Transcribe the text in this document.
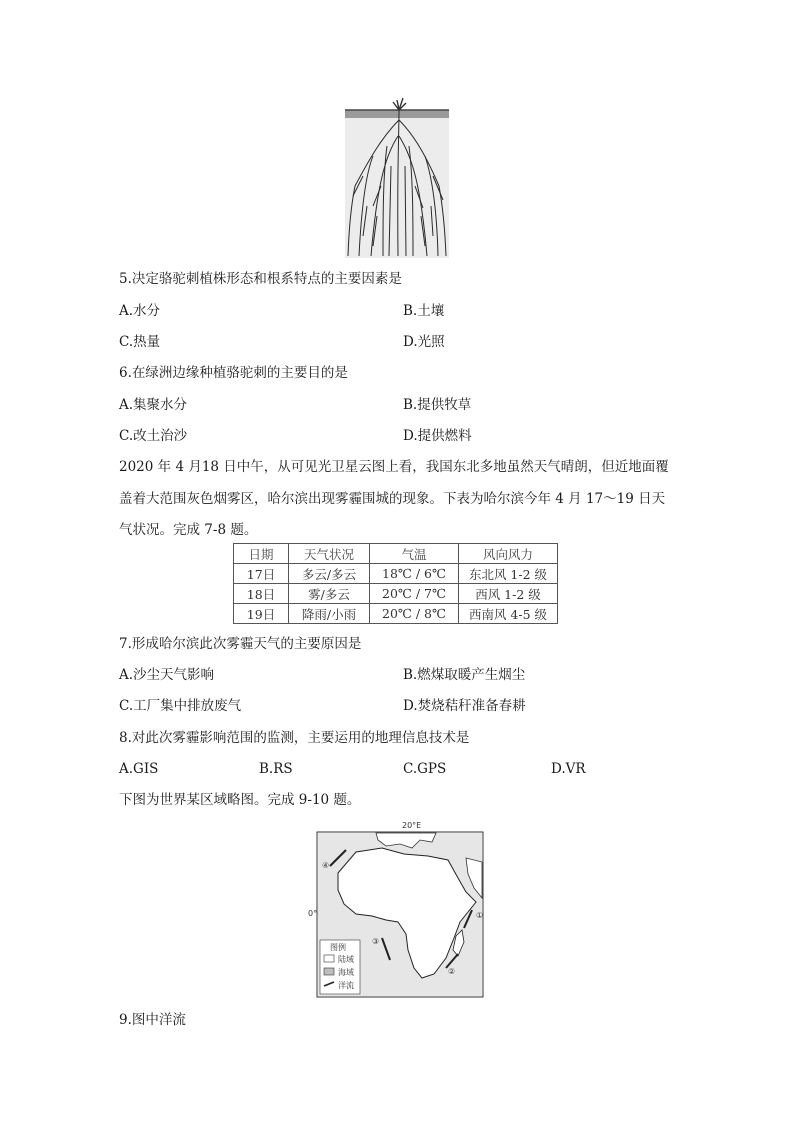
5.决定骆驼刺植株形态和根系特点的主要因素是
A.水分	B.土壤
C.热量	D.光照
6.在绿洲边缘种植骆驼刺的主要目的是
A.集聚水分	B.提供牧草
C.改土治沙	D.提供燃料
2020 年 4 月18 日中午，从可见光卫星云图上看，我国东北多地虽然天气晴朗，但近地面覆
盖着大范围灰色烟雾区，哈尔滨出现雾霾围城的现象。下表为哈尔滨今年 4 月 17～19 日天
气状况。完成 7-8 题。
日期	天气状况	气温	风向风力
17日	多云/多云	18℃ / 6℃	东北风 1-2 级
18日	雾/多云	20℃ / 7℃	西风 1-2 级
19日	降雨/小雨	20℃ / 8℃	西南风 4-5 级
7.形成哈尔滨此次雾霾天气的主要原因是
A.沙尘天气影响	B.燃煤取暖产生烟尘
C.工厂集中排放废气	D.焚烧秸秆准备春耕
8.对此次雾霾影响范围的监测，主要运用的地理信息技术是
A.GIS	B.RS	C.GPS	D.VR
下图为世界某区域略图。完成 9-10 题。
20°E
0°
④
①
③
②
图例
陆域
海域
洋流
9.图中洋流
